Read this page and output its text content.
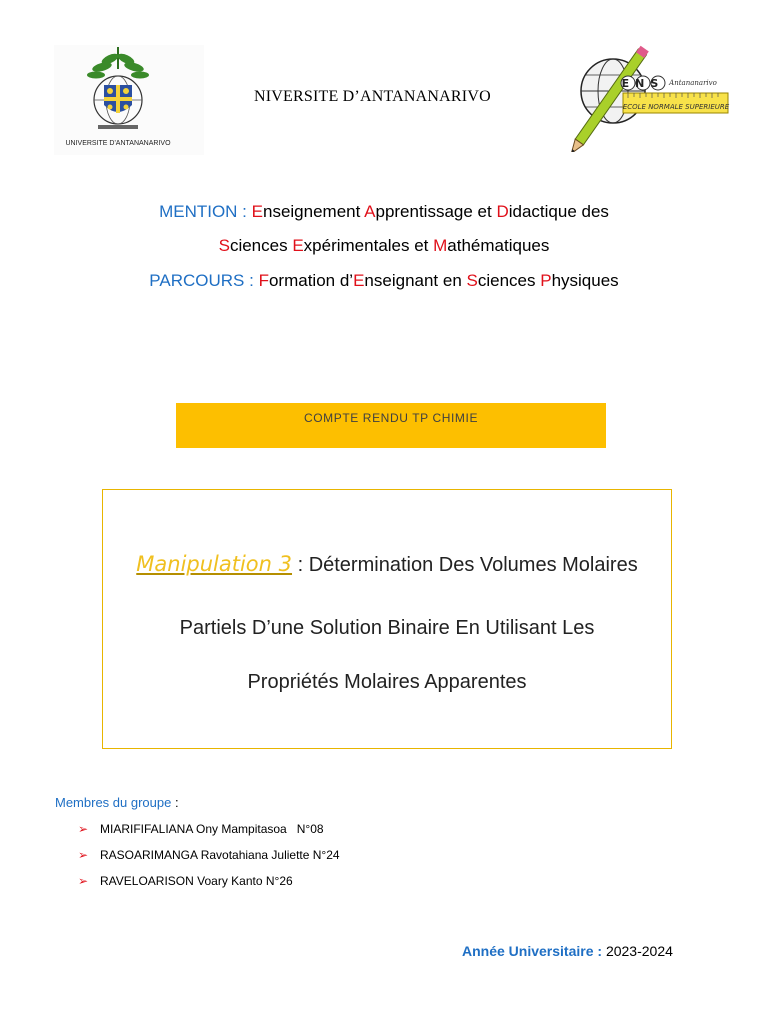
UNIVERSITE D'ANTANANARIVO
NIVERSITE D’ANTANANARIVO
ECOLE NORMALE SUPERIEURE
ENS Antananarivo
MENTION : Enseignement Apprentissage et Didactique des
Sciences Expérimentales et Mathématiques
PARCOURS : Formation d’Enseignant en Sciences Physiques
COMPTE RENDU TP CHIMIE
Manipulation 3 : Détermination Des Volumes Molaires
Partiels D’une Solution Binaire En Utilisant Les
Propriétés Molaires Apparentes
Membres du groupe :
➢ MIARIFIFALIANA Ony Mampitasoa   N°08
➢ RASOARIMANGA Ravotahiana Juliette N°24
➢ RAVELOARISON Voary Kanto N°26
Année Universitaire : 2023-2024
